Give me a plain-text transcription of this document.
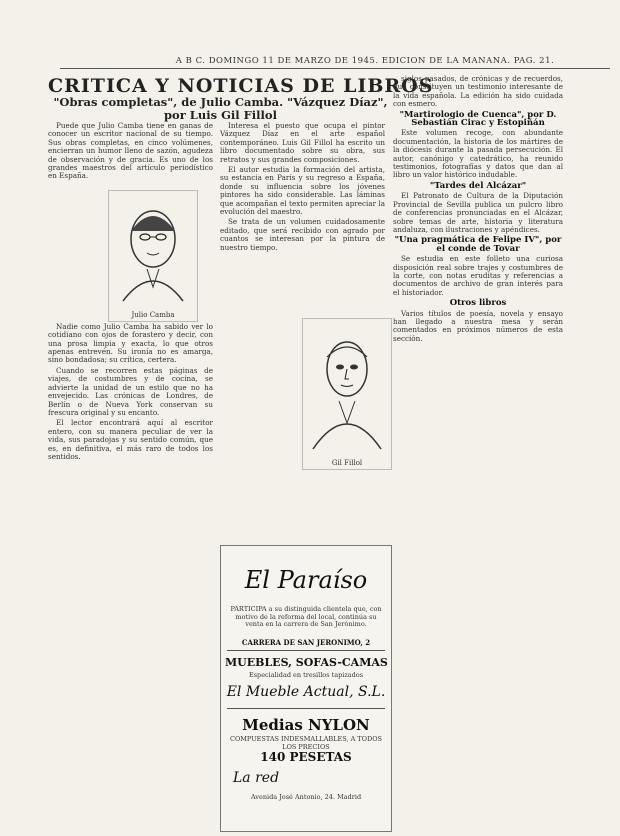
A B C. DOMINGO 11 DE MARZO DE 1945. EDICION DE LA MAÑANA. PAG. 21.
CRITICA Y NOTICIAS DE LIBROS
"Obras completas", de Julio Camba. "Vázquez Díaz", por Luis Gil Fillol

Puede que Julio Camba tiene en ganas de conocer un escritor nacional de su tiempo. Sus obras completas, en cinco volúmenes, encierran un humor lleno de sazón, agudeza de observación y de gracia. Es uno de los grandes maestros del artículo periodístico en España.

Nadie como Julio Camba ha sabido ver lo cotidiano con ojos de forastero y decir, con una prosa limpia y exacta, lo que otros apenas entrevén. Su ironía no es amarga, sino bondadosa; su crítica, certera.

Cuando se recorren estas páginas de viajes, de costumbres y de cocina, se advierte la unidad de un estilo que no ha envejecido. Las crónicas de Londres, de Berlín o de Nueva York conservan su frescura original y su encanto.

El lector encontrará aquí al escritor entero, con su manera peculiar de ver la vida, sus paradojas y su sentido común, que es, en definitiva, el más raro de todos los sentidos.

Julio Camba

Interesa el puesto que ocupa el pintor Vázquez Díaz en el arte español contemporáneo. Luis Gil Fillol ha escrito un libro documentado sobre su obra, sus retratos y sus grandes composiciones.

El autor estudia la formación del artista, su estancia en París y su regreso a España, donde su influencia sobre los jóvenes pintores ha sido considerable. Las láminas que acompañan el texto permiten apreciar la evolución del maestro.

Se trata de un volumen cuidadosamente editado, que será recibido con agrado por cuantos se interesan por la pintura de nuestro tiempo.

Gil Fillol

siglos pasados, de crónicas y de recuerdos, que constituyen un testimonio interesante de la vida española. La edición ha sido cuidada con esmero.

"Martirologio de Cuenca", por D. Sebastián Cirac y Estopiñán

Este volumen recoge, con abundante documentación, la historia de los mártires de la diócesis durante la pasada persecución. El autor, canónigo y catedrático, ha reunido testimonios, fotografías y datos que dan al libro un valor histórico indudable.

"Tardes del Alcázar"

El Patronato de Cultura de la Diputación Provincial de Sevilla publica un pulcro libro de conferencias pronunciadas en el Alcázar, sobre temas de arte, historia y literatura andaluza, con ilustraciones y apéndices.

"Una pragmática de Felipe IV", por el conde de Tovar

Se estudia en este folleto una curiosa disposición real sobre trajes y costumbres de la corte, con notas eruditas y referencias a documentos de archivo de gran interés para el historiador.

Otros libros

Varios títulos de poesía, novela y ensayo han llegado a nuestra mesa y serán comentados en próximos números de esta sección.

El Paraíso
PARTICIPA a su distinguida clientela que, con motivo de la reforma del local, continúa su venta en la carrera de San Jerónimo.
CARRERA DE SAN JERONIMO, 2
MUEBLES, SOFAS-CAMAS
Especialidad en tresillos tapizados
El Mueble Actual, S.L.
Medias NYLON
COMPUESTAS INDESMALLABLES, A TODOS LOS PRECIOS
140 PESETAS
La red
Avenida José Antonio, 24. Madrid
